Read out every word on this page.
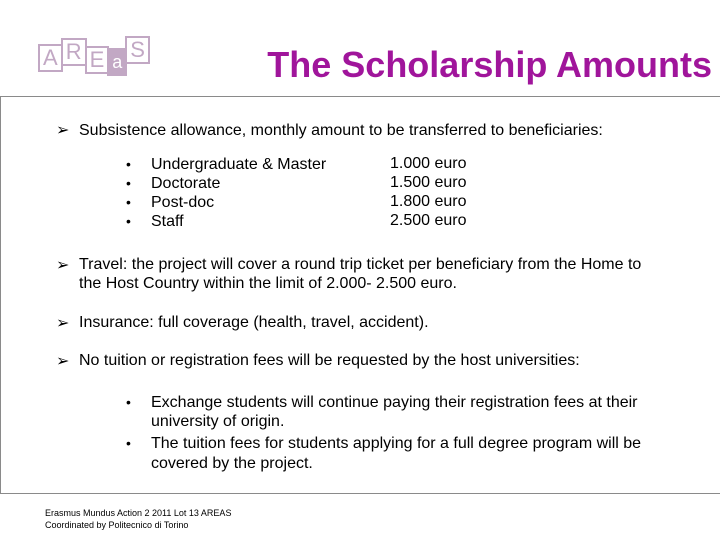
A R E a S	The Scholarship Amounts
➢ Subsistence allowance, monthly amount to be transferred to beneficiaries:
• Undergraduate & Master	1.000 euro
• Doctorate	1.500 euro
• Post-doc	1.800 euro
• Staff	2.500 euro
➢ Travel: the project will cover a round trip ticket per beneficiary from the Home to
the Host Country within the limit of 2.000- 2.500 euro.
➢ Insurance: full coverage (health, travel, accident).
➢ No tuition or registration fees will be requested by the host universities:
• Exchange students will continue paying their registration fees at their
university of origin.
• The tuition fees for students applying for a full degree program will be
covered by the project.
Erasmus Mundus Action 2 2011 Lot 13 AREAS
Coordinated by Politecnico di Torino
